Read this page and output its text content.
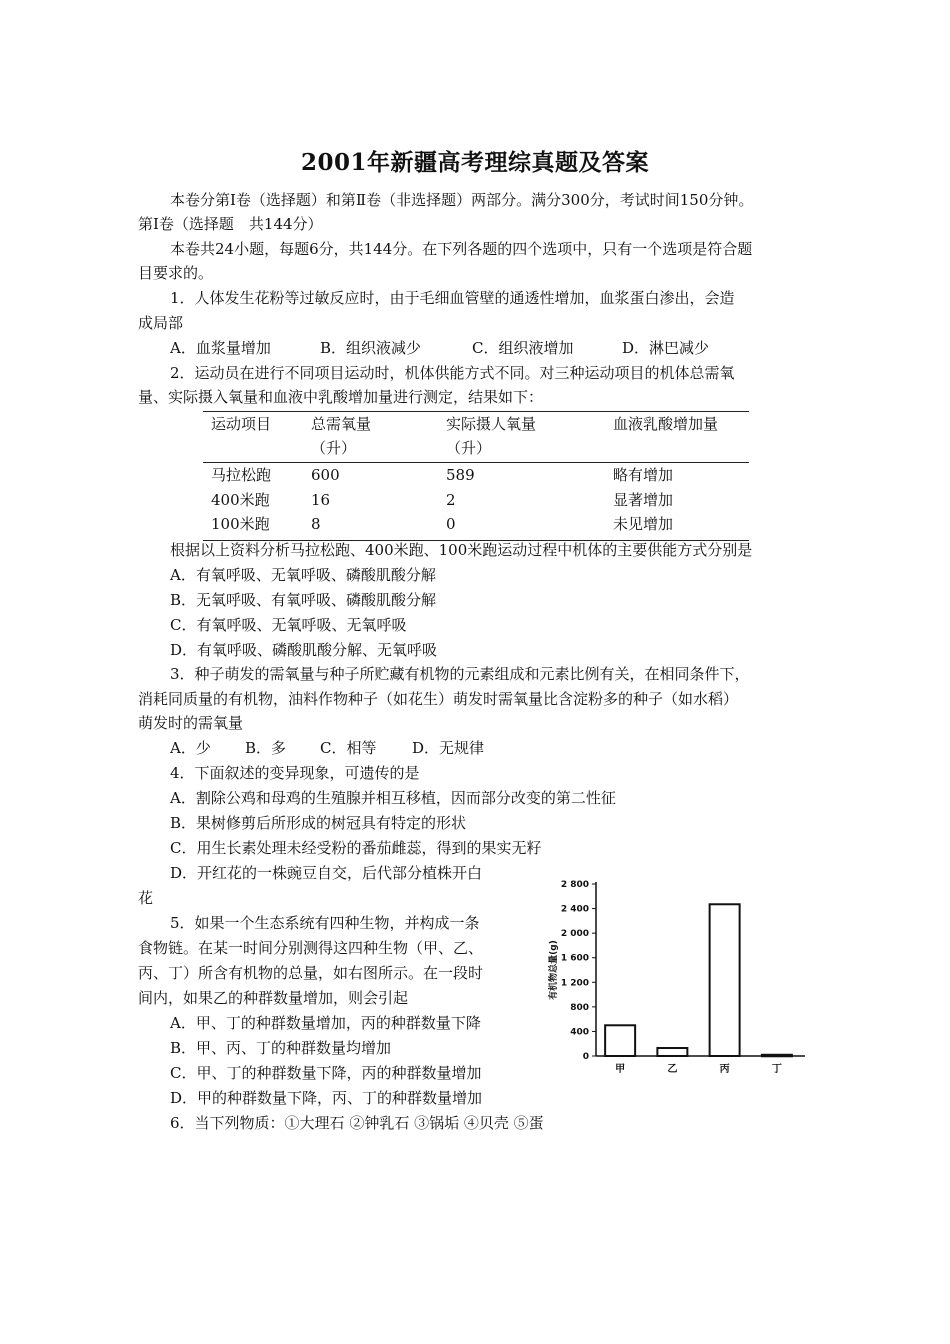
2001年新疆高考理综真题及答案
本卷分第Ⅰ卷（选择题）和第Ⅱ卷（非选择题）两部分。满分300分，考试时间150分钟。
第Ⅰ卷（选择题　共144分）
本卷共24小题，每题6分，共144分。在下列各题的四个选项中，只有一个选项是符合题
目要求的。
1．人体发生花粉等过敏反应时，由于毛细血管壁的通透性增加，血浆蛋白渗出，会造
成局部
A．血浆量增加	B．组织液减少	C．组织液增加	D．淋巴减少
2．运动员在进行不同项目运动时，机体供能方式不同。对三种运动项目的机体总需氧
量、实际摄入氧量和血液中乳酸增加量进行测定，结果如下：
运动项目	总需氧量	实际摄人氧量	血液乳酸增加量
（升）	（升）
马拉松跑	600	589	略有增加
400米跑	16	2	显著增加
100米跑	8	0	未见增加
根据以上资料分析马拉松跑、400米跑、100米跑运动过程中机体的主要供能方式分别是
A．有氧呼吸、无氧呼吸、磷酸肌酸分解
B．无氧呼吸、有氧呼吸、磷酸肌酸分解
C．有氧呼吸、无氧呼吸、无氧呼吸
D．有氧呼吸、磷酸肌酸分解、无氧呼吸
3．种子萌发的需氧量与种子所贮藏有机物的元素组成和元素比例有关，在相同条件下，
消耗同质量的有机物，油料作物种子（如花生）萌发时需氧量比含淀粉多的种子（如水稻）
萌发时的需氧量
A．少 B．多 C．相等 D．无规律
4．下面叙述的变异现象，可遗传的是
A．割除公鸡和母鸡的生殖腺并相互移植，因而部分改变的第二性征
B．果树修剪后所形成的树冠具有特定的形状
C．用生长素处理未经受粉的番茄雌蕊，得到的果实无籽
D．开红花的一株豌豆自交，后代部分植株开白
花
5．如果一个生态系统有四种生物，并构成一条
食物链。在某一时间分别测得这四种生物（甲、乙、
丙、丁）所含有机物的总量，如右图所示。在一段时
间内，如果乙的种群数量增加，则会引起
A．甲、丁的种群数量增加，丙的种群数量下降
B．甲、丙、丁的种群数量均增加
C．甲、丁的种群数量下降，丙的种群数量增加
D．甲的种群数量下降，丙、丁的种群数量增加
6．当下列物质：①大理石 ②钟乳石 ③锅垢 ④贝壳 ⑤蛋
0
400
800
1 200
1 600
2 000
2 400
2 800
有机物总量(g)
甲	乙	丙	丁
